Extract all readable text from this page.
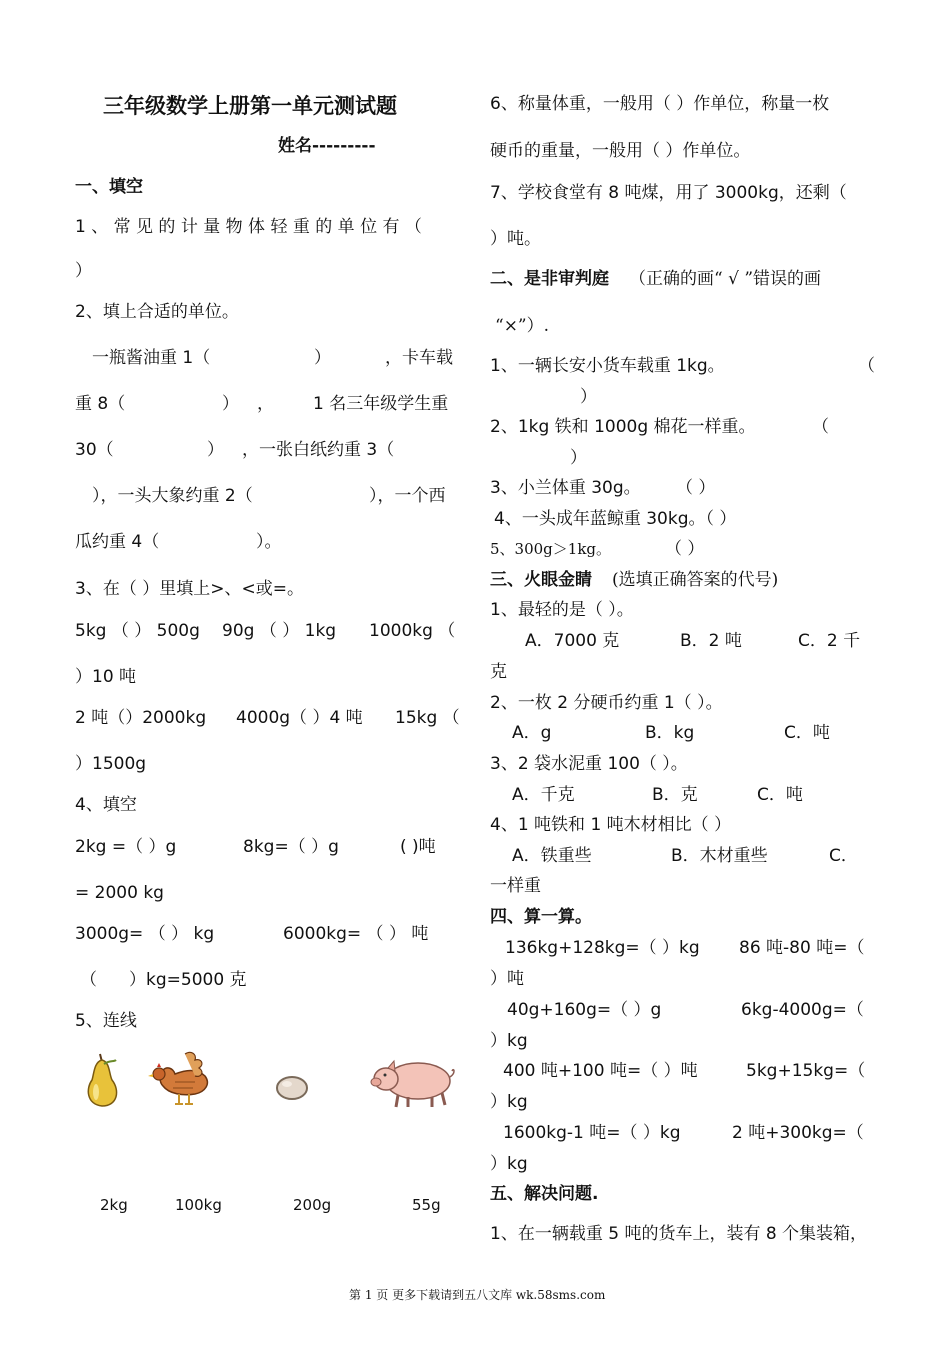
三年级数学上册第一单元测试题
姓名---------
一、填空
1 、 常 见 的 计 量 物 体 轻 重 的 单 位 有 （
）
2、填上合适的单位。
一瓶酱油重 1（	）	，卡车载
重 8（	） ， 1 名三年级学生重
30（	） ，一张白纸约重 3（
），一头大象约重 2（	），一个西
瓜约重 4（	）。
3、在（ ）里填上>、<或=。
5kg （ ） 500g 90g （ ） 1kg 1000kg （
）10 吨
2 吨（）2000kg 4000g（ ）4 吨 15kg （
）1500g
4、填空
2kg =（ ）g	8kg=（ ）g	( )吨
= 2000 kg
3000g= （ ） kg	6000kg= （ ） 吨
（ ）kg=5000 克
5、连线
2kg	100kg	200g	55g
6、称量体重，一般用（ ）作单位，称量一枚
硬币的重量，一般用（ ）作单位。
7、学校食堂有 8 吨煤，用了 3000kg，还剩（
）吨。
二、是非审判庭 （正确的画“ √ ”错误的画
“×”）.
1、一辆长安小货车载重 1kg。	（
）
2、1kg 铁和 1000g 棉花一样重。	（
）
3、小兰体重 30g。 （ ）
4、一头成年蓝鲸重 30kg。（ ）
5、300g＞1kg。	（ ）
三、火眼金睛 (选填正确答案的代号)
1、最轻的是（ ）。
A．7000 克	B．2 吨	C．2 千
克
2、一枚 2 分硬币约重 1（ ）。
A．g	B．kg	C．吨
3、2 袋水泥重 100（ ）。
A．千克	B．克	C．吨
4、1 吨铁和 1 吨木材相比（ ）
A．铁重些	B．木材重些	C．
一样重
四、算一算。
136kg+128kg=（ ）kg 86 吨-80 吨=（
）吨
40g+160g=（ ）g	6kg-4000g=（
）kg
400 吨+100 吨=（ ）吨	5kg+15kg=（
）kg
1600kg-1 吨=（ ）kg	2 吨+300kg=（
）kg
五、解决问题.
1、在一辆载重 5 吨的货车上，装有 8 个集装箱，
第 1 页 更多下载请到五八文库 wk.58sms.com
